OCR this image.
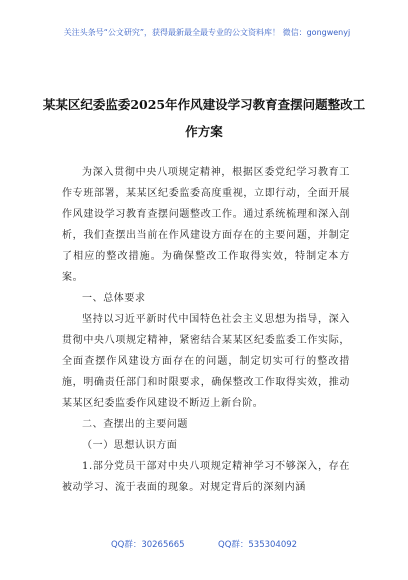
关注头条号“公文研究”，获得最新最全最专业的公文资料库！ 微信：gongwenyj
某某区纪委监委2025年作风建设学习教育查摆问题整改工
作方案

为深入贯彻中央八项规定精神，根据区委党纪学习教育工作专班部署，某某区纪委监委高度重视，立即行动，全面开展作风建设学习教育查摆问题整改工作。通过系统梳理和深入剖析，我们查摆出当前在作风建设方面存在的主要问题，并制定了相应的整改措施。为确保整改工作取得实效，特制定本方案。

一、总体要求

坚持以习近平新时代中国特色社会主义思想为指导，深入贯彻中央八项规定精神，紧密结合某某区纪委监委工作实际，全面查摆作风建设方面存在的问题，制定切实可行的整改措施，明确责任部门和时限要求，确保整改工作取得实效，推动某某区纪委监委作风建设不断迈上新台阶。

二、查摆出的主要问题

（一）思想认识方面

1.部分党员干部对中央八项规定精神学习不够深入，存在被动学习、流于表面的现象。对规定背后的深刻内涵

QQ群：30265665	QQ群：535304092
